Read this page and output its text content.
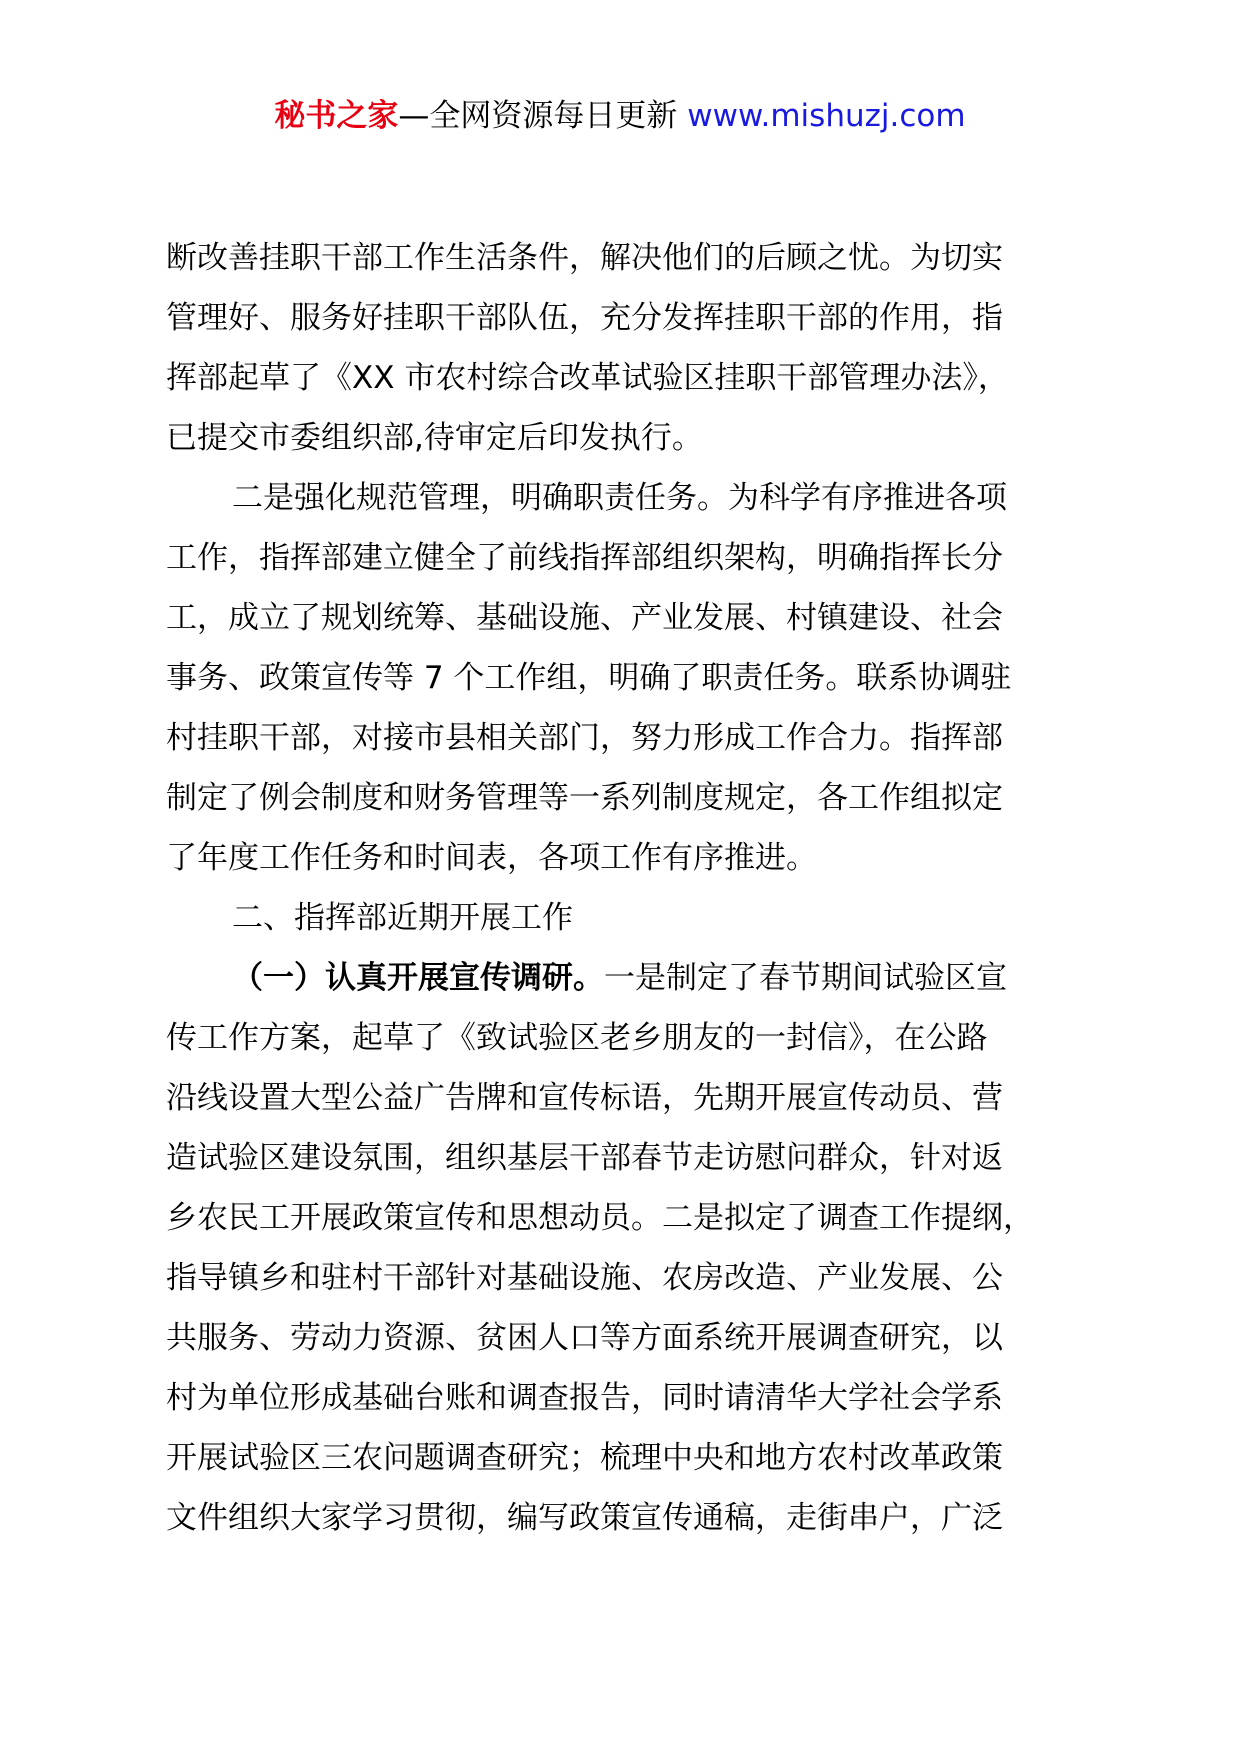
秘书之家—全网资源每日更新 www.mishuzj.com
断改善挂职干部工作生活条件，解决他们的后顾之忧。为切实
管理好、服务好挂职干部队伍，充分发挥挂职干部的作用，指
挥部起草了《XX 市农村综合改革试验区挂职干部管理办法》，
已提交市委组织部,待审定后印发执行。
二是强化规范管理，明确职责任务。为科学有序推进各项
工作，指挥部建立健全了前线指挥部组织架构，明确指挥长分
工，成立了规划统筹、基础设施、产业发展、村镇建设、社会
事务、政策宣传等 7 个工作组，明确了职责任务。联系协调驻
村挂职干部，对接市县相关部门，努力形成工作合力。指挥部
制定了例会制度和财务管理等一系列制度规定，各工作组拟定
了年度工作任务和时间表，各项工作有序推进。
二、指挥部近期开展工作
（一）认真开展宣传调研。一是制定了春节期间试验区宣
传工作方案，起草了《致试验区老乡朋友的一封信》，在公路
沿线设置大型公益广告牌和宣传标语，先期开展宣传动员、营
造试验区建设氛围，组织基层干部春节走访慰问群众，针对返
乡农民工开展政策宣传和思想动员。二是拟定了调查工作提纲，
指导镇乡和驻村干部针对基础设施、农房改造、产业发展、公
共服务、劳动力资源、贫困人口等方面系统开展调查研究，以
村为单位形成基础台账和调查报告，同时请清华大学社会学系
开展试验区三农问题调查研究；梳理中央和地方农村改革政策
文件组织大家学习贯彻，编写政策宣传通稿，走街串户，广泛
